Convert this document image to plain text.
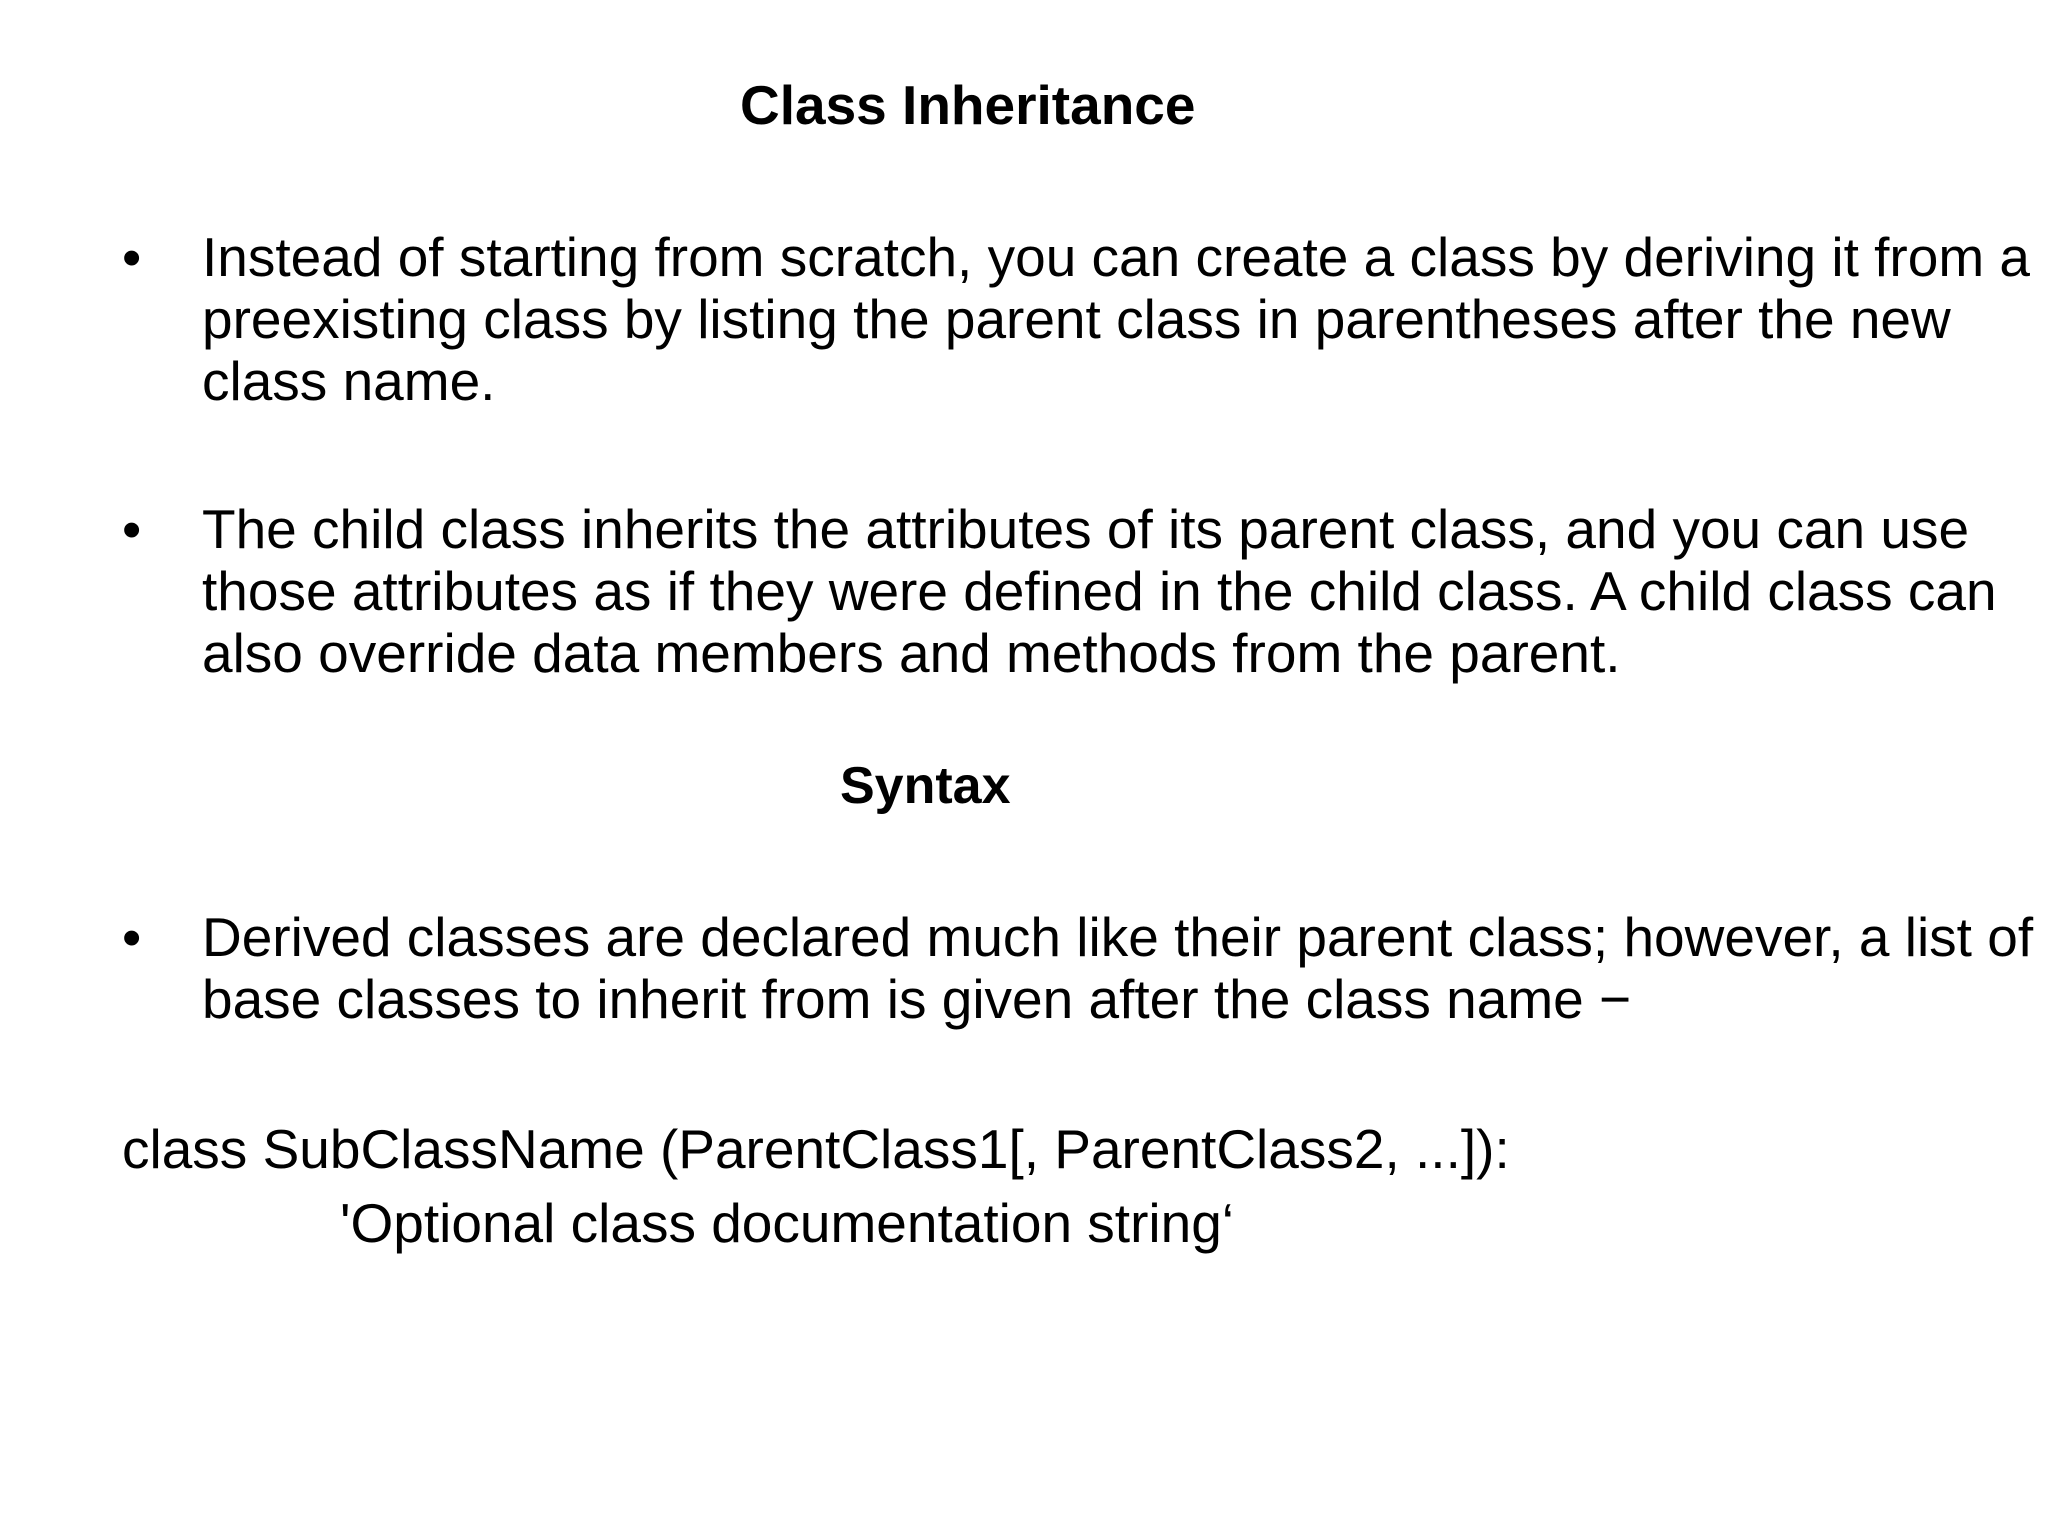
Class Inheritance
•	Instead of starting from scratch, you can create a class by deriving it from a preexisting class by listing the parent class in parentheses after the new class name.
•	The child class inherits the attributes of its parent class, and you can use those attributes as if they were defined in the child class. A child class can also override data members and methods from the parent.
Syntax
•	Derived classes are declared much like their parent class; however, a list of base classes to inherit from is given after the class name −
class SubClassName (ParentClass1[, ParentClass2, ...]):
'Optional class documentation string‘
